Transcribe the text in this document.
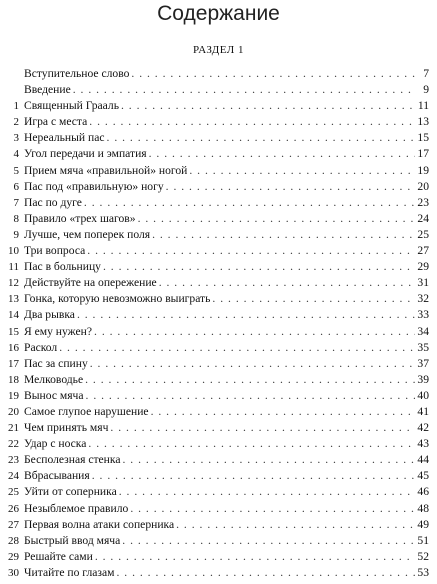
Содержание
РАЗДЕЛ 1
Вступительное слово . . .	7
Введение . . .	9
1 Священный Грааль . . .	11
2 Игра с места . . .	13
3 Нереальный пас . . .	15
4 Угол передачи и эмпатия . . .	17
5 Прием мяча «правильной» ногой . . .	19
6 Пас под «правильную» ногу . . .	20
7 Пас по дуге . . .	23
8 Правило «трех шагов» . . .	24
9 Лучше, чем поперек поля . . .	25
10 Три вопроса . . .	27
11 Пас в больницу . . .	29
12 Действуйте на опережение . . .	31
13 Гонка, которую невозможно выиграть . . .	32
14 Два рывка . . .	33
15 Я ему нужен? . . .	34
16 Раскол . . .	35
17 Пас за спину . . .	37
18 Мелководье . . .	39
19 Вынос мяча . . .	40
20 Самое глупое нарушение . . .	41
21 Чем принять мяч . . .	42
22 Удар с носка . . .	43
23 Бесполезная стенка . . .	44
24 Вбрасывания . . .	45
25 Уйти от соперника . . .	46
26 Незыблемое правило . . .	48
27 Первая волна атаки соперника . . .	49
28 Быстрый ввод мяча . . .	51
29 Решайте сами . . .	52
30 Читайте по глазам . . .	53
